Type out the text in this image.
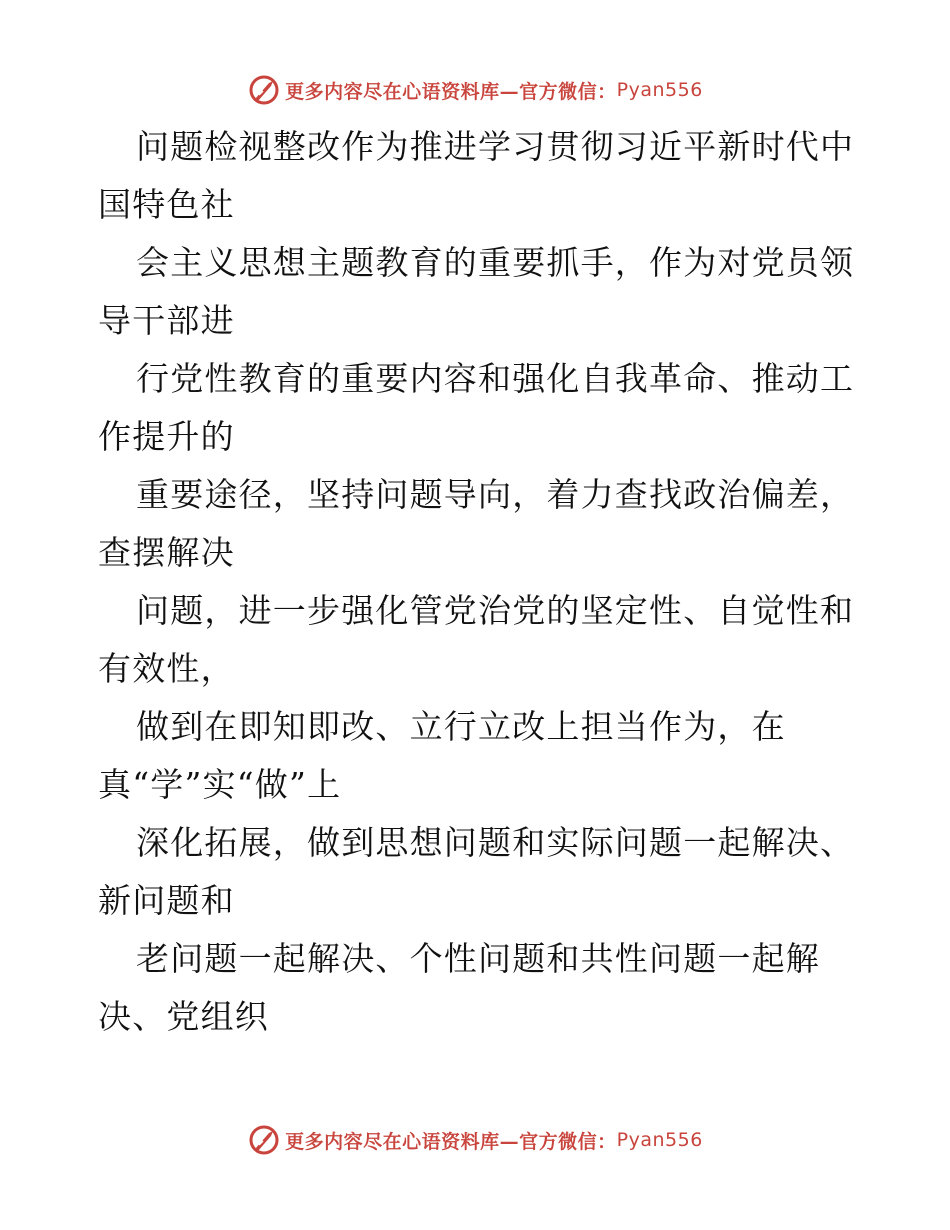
更多内容尽在心语资料库—官方微信： Pyan556
问题检视整改作为推进学习贯彻习近平新时代中
国特色社
会主义思想主题教育的重要抓手，作为对党员领
导干部进
行党性教育的重要内容和强化自我革命、推动工
作提升的
重要途径，坚持问题导向，着力查找政治偏差，
查摆解决
问题，进一步强化管党治党的坚定性、自觉性和
有效性，
做到在即知即改、立行立改上担当作为，在
真“学”实“做”上
深化拓展，做到思想问题和实际问题一起解决、
新问题和
老问题一起解决、个性问题和共性问题一起解
决、党组织
更多内容尽在心语资料库—官方微信： Pyan556
